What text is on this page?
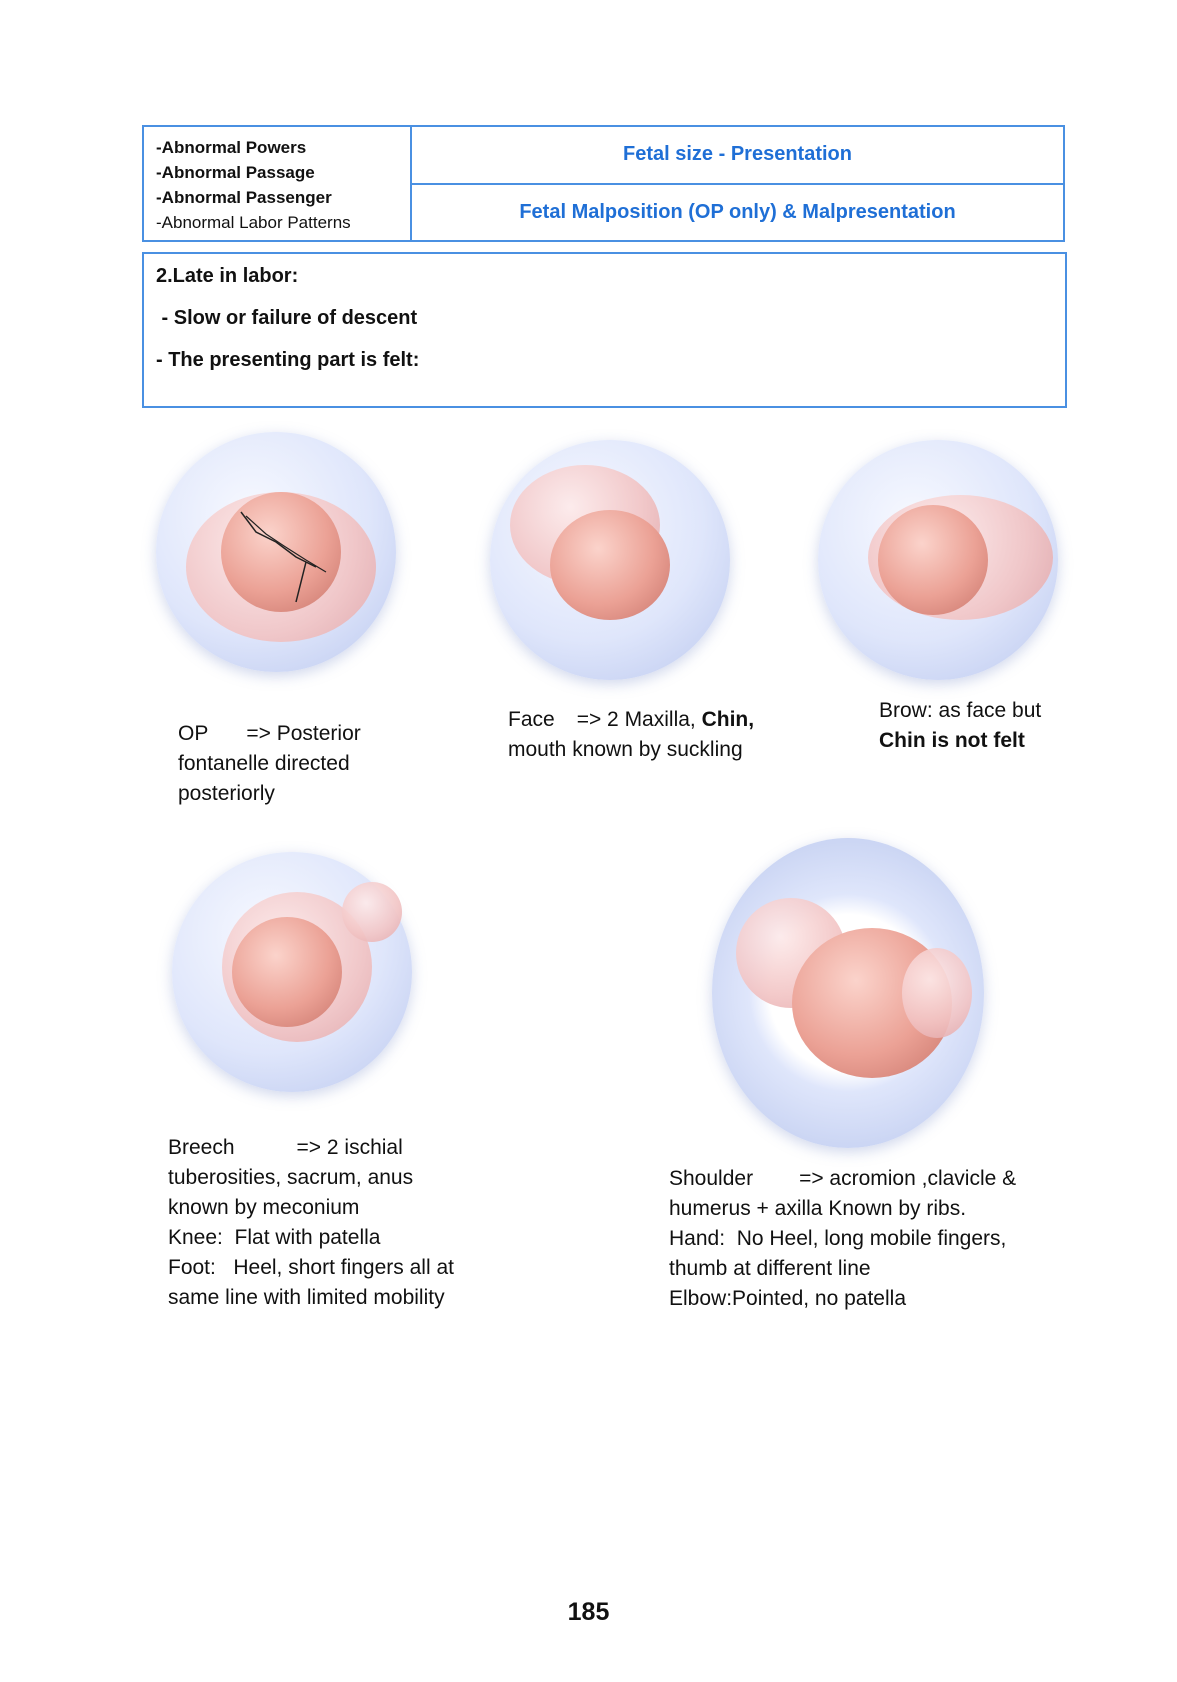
-Abnormal Powers
-Abnormal Passage
-Abnormal Passenger
-Abnormal Labor Patterns
Fetal size - Presentation
Fetal Malposition (OP only) & Malpresentation
2.Late in labor:
- Slow or failure of descent
- The presenting part is felt:
OP => Posterior
fontanelle directed
posteriorly
Face => 2 Maxilla, Chin,
mouth known by suckling
Brow: as face but
Chin is not felt
Breech	=> 2 ischial
tuberosities, sacrum, anus
known by meconium
Knee:  Flat with patella
Foot:   Heel, short fingers all at
same line with limited mobility
Shoulder => acromion ,clavicle &
humerus + axilla Known by ribs.
Hand:  No Heel, long mobile fingers,
thumb at different line
Elbow:Pointed, no patella
185
